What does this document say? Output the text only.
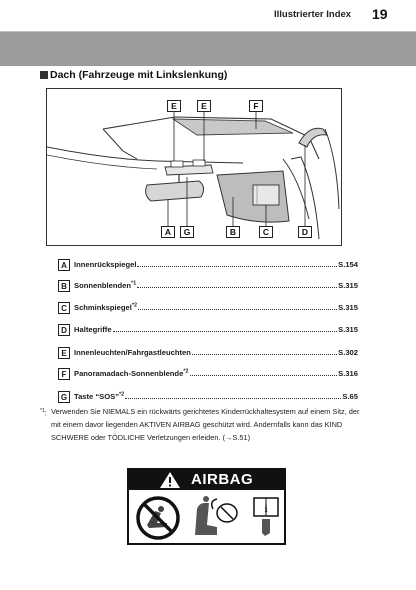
Illustrierter Index 19
Dach (Fahrzeuge mit Linkslenkung)
E	E	F
A	G	B	C	D
A Innenrückspiegel	S.154
B Sonnenblenden$^{*1}$	S.315
C Schminkspiegel$^{*2}$	S.315
D Haltegriffe	S.315
E Innenleuchten/Fahrgastleuchten	S.302
F Panoramadach-Sonnenblende$^{*2}$	S.316
G Taste “SOS”$^{*2}$	S.65
$^{*1}$: Verwenden Sie NIEMALS ein rückwärts gerichtetes Kinderrückhaltesystem auf einem Sitz, der mit einem davor liegenden AKTIVEN AIRBAG geschützt wird. Andernfalls kann das KIND SCHWERE oder TÖDLICHE Verletzungen erleiden. (→S.51)
AIRBAG
i
